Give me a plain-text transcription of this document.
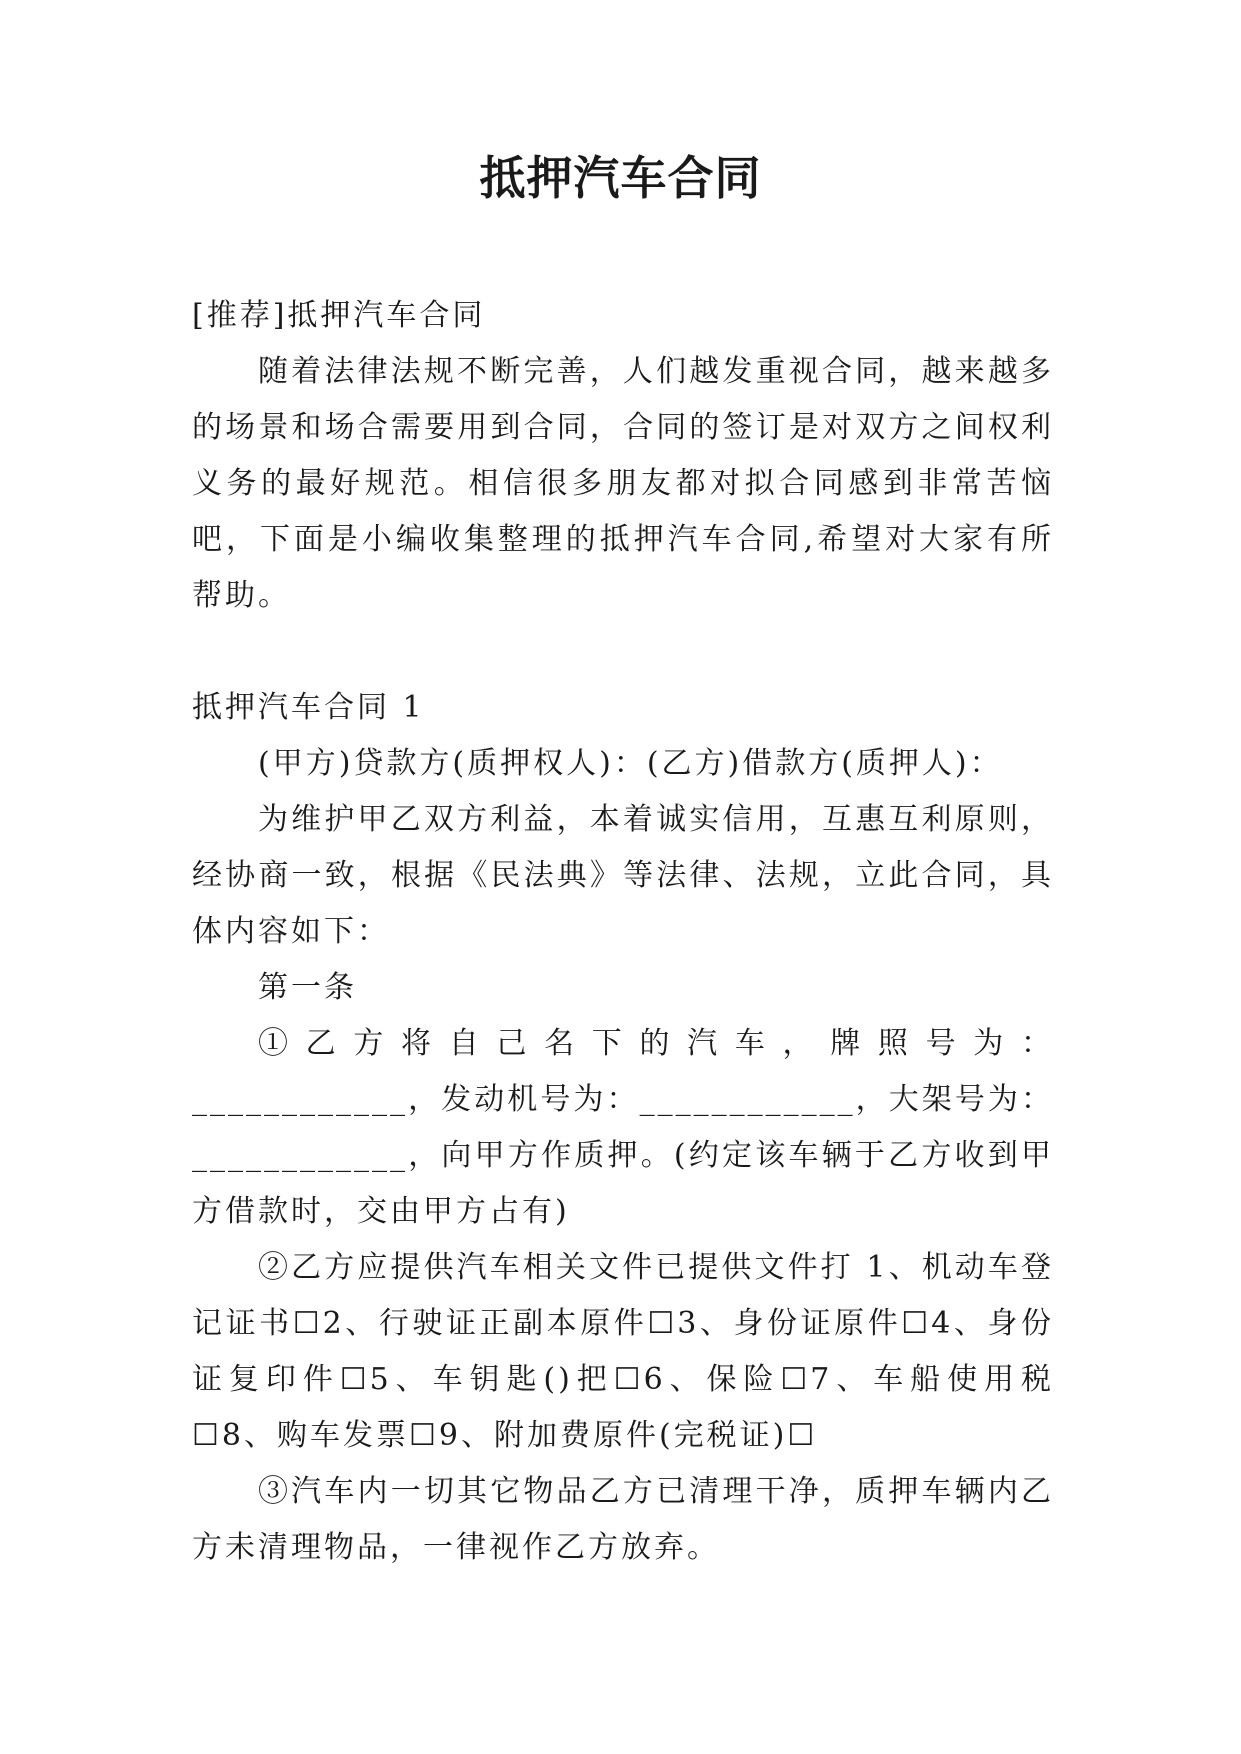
抵押汽车合同

[推荐]抵押汽车合同

随着法律法规不断完善，人们越发重视合同，越来越多的场景和场合需要用到合同，合同的签订是对双方之间权利义务的最好规范。相信很多朋友都对拟合同感到非常苦恼吧，下面是小编收集整理的抵押汽车合同,希望对大家有所帮助。

抵押汽车合同 1

(甲方)贷款方(质押权人)：(乙方)借款方(质押人)：

为维护甲乙双方利益，本着诚实信用，互惠互利原则，经协商一致，根据《民法典》等法律、法规，立此合同，具体内容如下：

第一条

①乙方将自己名下的汽车，牌照号为：____________，发动机号为：____________，大架号为：____________，向甲方作质押。(约定该车辆于乙方收到甲方借款时，交由甲方占有)

②乙方应提供汽车相关文件已提供文件打 1、机动车登记证书☐2、行驶证正副本原件☐3、身份证原件☐4、身份证复印件☐5、车钥匙()把☐6、保险☐7、车船使用税☐8、购车发票☐9、附加费原件(完税证)☐

③汽车内一切其它物品乙方已清理干净，质押车辆内乙方未清理物品，一律视作乙方放弃。
